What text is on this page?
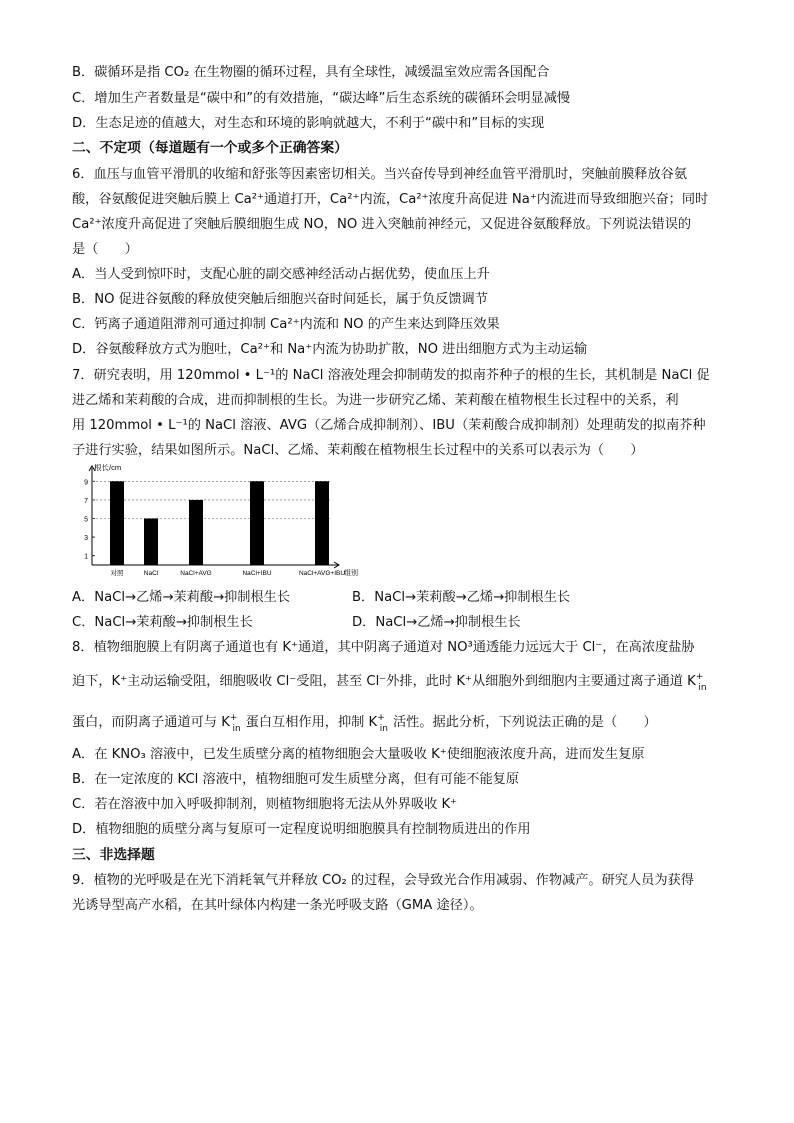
B．碳循环是指 CO₂ 在生物圈的循环过程，具有全球性，减缓温室效应需各国配合
C．增加生产者数量是“碳中和”的有效措施，“碳达峰”后生态系统的碳循环会明显减慢
D．生态足迹的值越大，对生态和环境的影响就越大，不利于“碳中和”目标的实现
二、不定项（每道题有一个或多个正确答案）
6．血压与血管平滑肌的收缩和舒张等因素密切相关。当兴奋传导到神经血管平滑肌时，突触前膜释放谷氨
酸，谷氨酸促进突触后膜上 Ca²⁺通道打开，Ca²⁺内流，Ca²⁺浓度升高促进 Na⁺内流进而导致细胞兴奋；同时
Ca²⁺浓度升高促进了突触后膜细胞生成 NO，NO 进入突触前神经元，又促进谷氨酸释放。下列说法错误的
是（　　）
A．当人受到惊吓时，支配心脏的副交感神经活动占据优势，使血压上升
B．NO 促进谷氨酸的释放使突触后细胞兴奋时间延长，属于负反馈调节
C．钙离子通道阻滞剂可通过抑制 Ca²⁺内流和 NO 的产生来达到降压效果
D．谷氨酸释放方式为胞吐，Ca²⁺和 Na⁺内流为协助扩散，NO 进出细胞方式为主动运输
7．研究表明，用 120mmol • L⁻¹的 NaCl 溶液处理会抑制萌发的拟南芥种子的根的生长，其机制是 NaCl 促
进乙烯和茉莉酸的合成，进而抑制根的生长。为进一步研究乙烯、茉莉酸在植物根生长过程中的关系，利
用 120mmol • L⁻¹的 NaCl 溶液、AVG（乙烯合成抑制剂）、IBU（茉莉酸合成抑制剂）处理萌发的拟南芥种
子进行实验，结果如图所示。NaCl、乙烯、茉莉酸在植物根生长过程中的关系可以表示为（　　）
1
3
5
7
9
对照	NaCl	NaCl+AVG	NaCl+IBU	NaCl+AVG+IBU
根长/cm
组别
A．NaCl→乙烯→茉莉酸→抑制根生长	B．NaCl→茉莉酸→乙烯→抑制根生长
C．NaCl→茉莉酸→抑制根生长	D．NaCl→乙烯→抑制根生长
8．植物细胞膜上有阴离子通道也有 K⁺通道，其中阴离子通道对 NO³通透能力远远大于 Cl⁻，在高浓度盐胁
迫下，K⁺主动运输受阻，细胞吸收 Cl⁻受阻，甚至 Cl⁻外排，此时 K⁺从细胞外到细胞内主要通过离子通道 $K^+_{in}$
蛋白，而阴离子通道可与 $K^+_{in}$ 蛋白互相作用，抑制 $K^+_{in}$ 活性。据此分析，下列说法正确的是（　　）
A．在 KNO₃ 溶液中，已发生质壁分离的植物细胞会大量吸收 K⁺使细胞液浓度升高，进而发生复原
B．在一定浓度的 KCl 溶液中，植物细胞可发生质壁分离，但有可能不能复原
C．若在溶液中加入呼吸抑制剂，则植物细胞将无法从外界吸收 K⁺
D．植物细胞的质壁分离与复原可一定程度说明细胞膜具有控制物质进出的作用
三、非选择题
9．植物的光呼吸是在光下消耗氧气并释放 CO₂ 的过程，会导致光合作用减弱、作物减产。研究人员为获得
光诱导型高产水稻，在其叶绿体内构建一条光呼吸支路（GMA 途径）。
